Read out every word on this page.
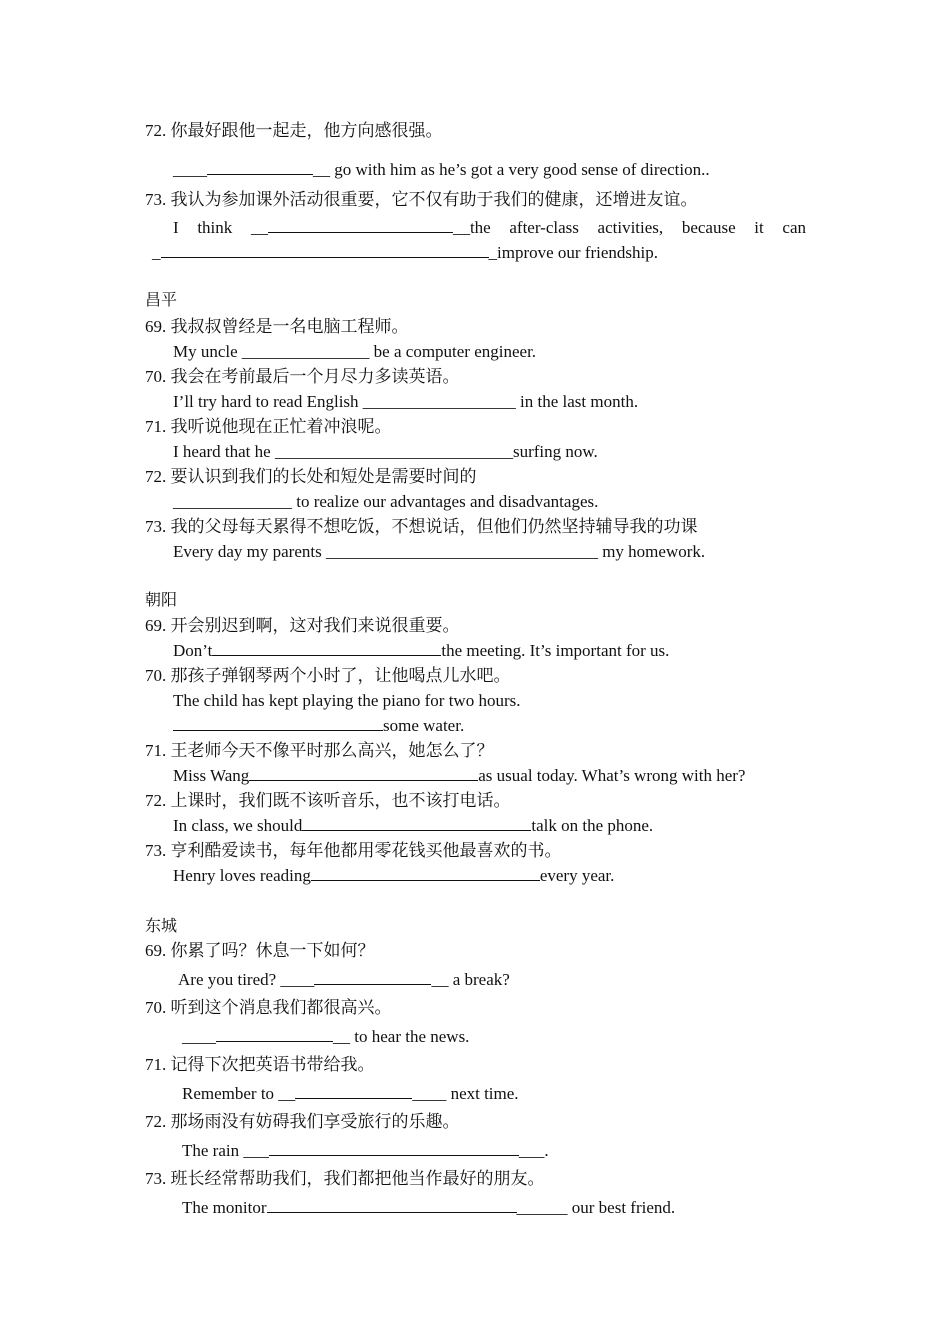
72. 你最好跟他一起走，他方向感很强。
____	__ go with him as he’s got a very good sense of direction..
73. 我认为参加课外活动很重要，它不仅有助于我们的健康，还增进友谊。
I think __	__the after-class activities, because it can
_	_improve our friendship.
昌平
69. 我叔叔曾经是一名电脑工程师。
My uncle _______________ be a computer engineer.
70. 我会在考前最后一个月尽力多读英语。
I’ll try hard to read English __________________ in the last month.
71. 我听说他现在正忙着冲浪呢。
I heard that he ____________________________surfing now.
72. 要认识到我们的长处和短处是需要时间的
______________ to realize our advantages and disadvantages.
73. 我的父母每天累得不想吃饭，不想说话，但他们仍然坚持辅导我的功课
Every day my parents ________________________________ my homework.
朝阳
69. 开会别迟到啊，这对我们来说很重要。
Don’t	the meeting. It’s important for us.
70. 那孩子弹钢琴两个小时了，让他喝点儿水吧。
The child has kept playing the piano for two hours.
some water.
71. 王老师今天不像平时那么高兴，她怎么了？
Miss Wang	as usual today. What’s wrong with her?
72. 上课时，我们既不该听音乐，也不该打电话。
In class, we should	talk on the phone.
73. 亨利酷爱读书，每年他都用零花钱买他最喜欢的书。
Henry loves reading	every year.
东城
69. 你累了吗？休息一下如何？
Are you tired? ____	__ a break?
70. 听到这个消息我们都很高兴。
____	__ to hear the news.
71. 记得下次把英语书带给我。
Remember to __	____ next time.
72. 那场雨没有妨碍我们享受旅行的乐趣。
The rain ___	___.
73. 班长经常帮助我们，我们都把他当作最好的朋友。
The monitor	______ our best friend.
